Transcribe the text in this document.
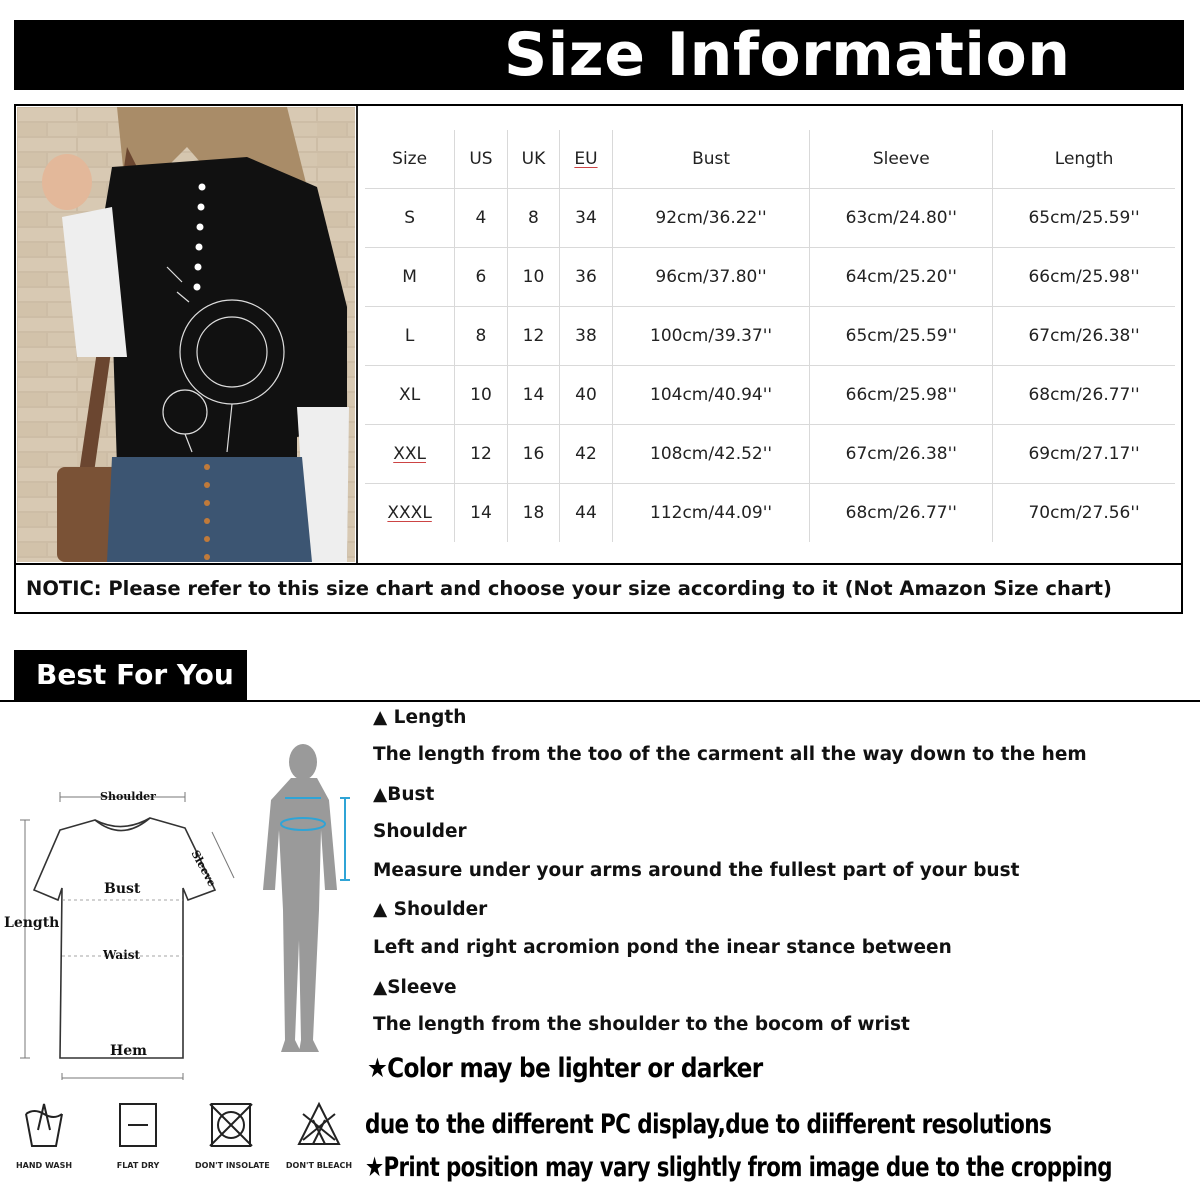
Size Information
Size	US	UK	EU	Bust	Sleeve	Length
S	4	8	34	92cm/36.22''	63cm/24.80''	65cm/25.59''
M	6	10	36	96cm/37.80''	64cm/25.20''	66cm/25.98''
L	8	12	38	100cm/39.37''	65cm/25.59''	67cm/26.38''
XL	10	14	40	104cm/40.94''	66cm/25.98''	68cm/26.77''
XXL	12	16	42	108cm/42.52''	67cm/26.38''	69cm/27.17''
XXXL	14	18	44	112cm/44.09''	68cm/26.77''	70cm/27.56''
NOTIC: Please refer to this size chart and choose your size according to it (Not Amazon Size chart)
Best For You
Shoulder
Sleeve
Bust
Length
Waist
Hem
▲ Length
The length from the too of the carment all the way down to the hem
▲Bust
Shoulder
Measure under your arms around the fullest part of your bust
▲ Shoulder
Left and right acromion pond the inear stance between
▲Sleeve
The length from the shoulder to the bocom of wrist
★Color may be lighter or darker
due to the different PC display,due to diifferent resolutions
★Print position may vary slightly from image due to the cropping
HAND WASH	FLAT DRY	DON'T INSOLATE DON'T BLEACH
